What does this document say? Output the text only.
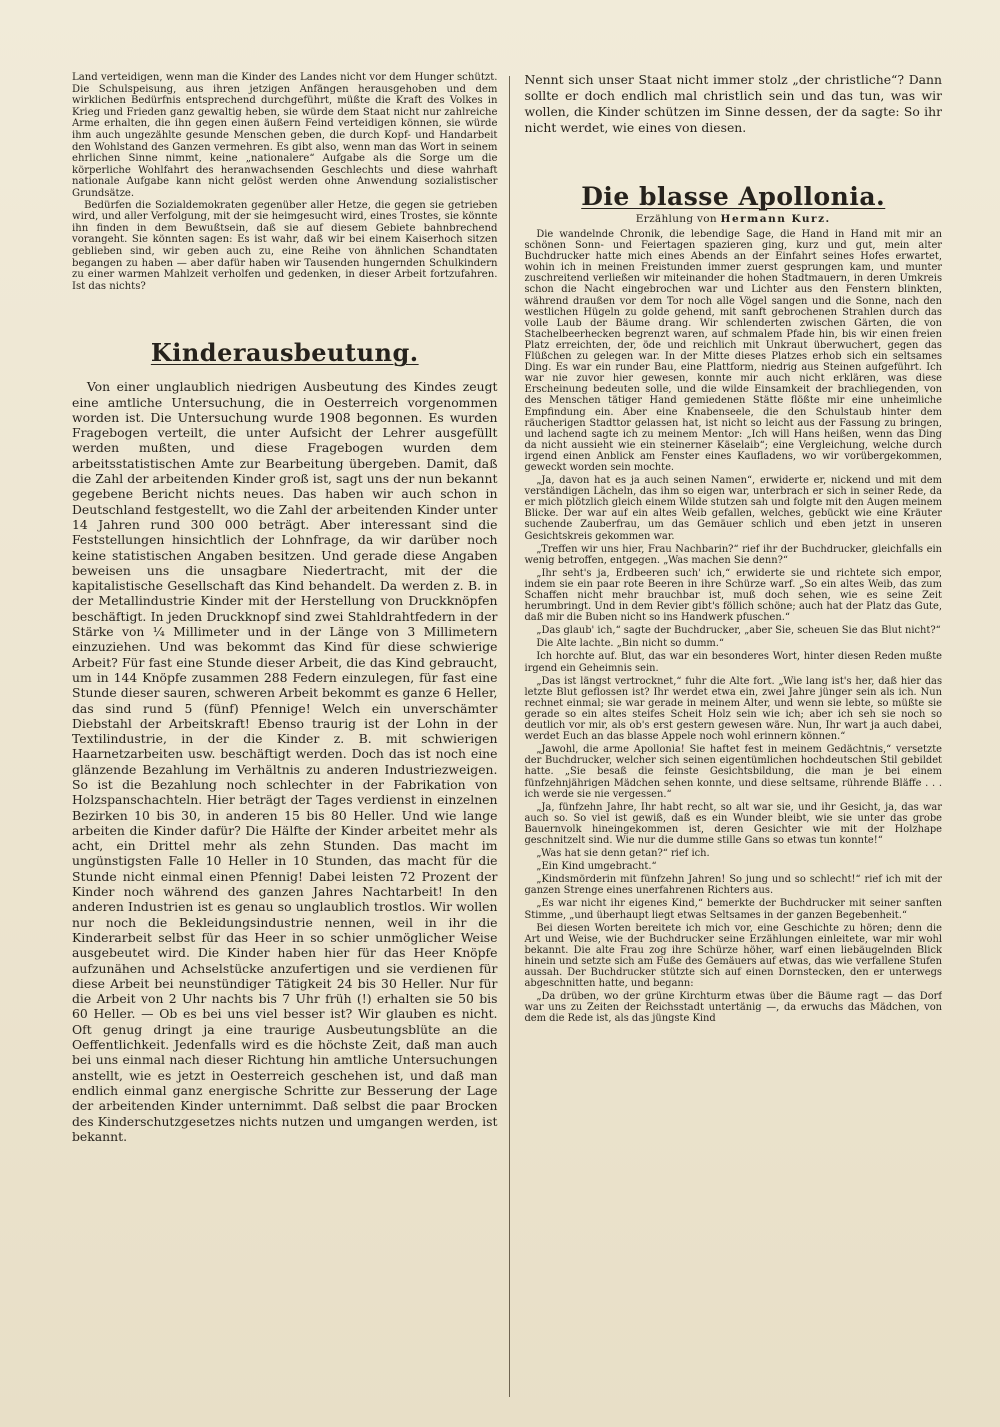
Land verteidigen, wenn man die Kinder des Landes nicht vor dem Hunger schützt. Die Schulspeisung, aus ihren jetzigen Anfängen herausgehoben und dem wirklichen Bedürfnis entsprechend durchgeführt, müßte die Kraft des Volkes in Krieg und Frieden ganz gewaltig heben, sie würde dem Staat nicht nur zahlreiche Arme erhalten, die ihn gegen einen äußern Feind verteidigen können, sie würde ihm auch ungezählte gesunde Menschen geben, die durch Kopf- und Handarbeit den Wohlstand des Ganzen vermehren. Es gibt also, wenn man das Wort in seinem ehrlichen Sinne nimmt, keine „nationalere“ Aufgabe als die Sorge um die körperliche Wohlfahrt des heranwachsenden Geschlechts und diese wahrhaft nationale Aufgabe kann nicht gelöst werden ohne Anwendung sozialistischer Grundsätze.

Bedürfen die Sozialdemokraten gegenüber aller Hetze, die gegen sie getrieben wird, und aller Verfolgung, mit der sie heimgesucht wird, eines Trostes, sie könnte ihn finden in dem Bewußtsein, daß sie auf diesem Gebiete bahnbrechend vorangeht. Sie könnten sagen: Es ist wahr, daß wir bei einem Kaiserhoch sitzen geblieben sind, wir geben auch zu, eine Reihe von ähnlichen Schandtaten begangen zu haben — aber dafür haben wir Tausenden hungernden Schulkindern zu einer warmen Mahlzeit verholfen und gedenken, in dieser Arbeit fortzufahren. Ist das nichts?

Kinderausbeutung.

Von einer unglaublich niedrigen Ausbeutung des Kindes zeugt eine amtliche Untersuchung, die in Oesterreich vorgenommen worden ist. Die Untersuchung wurde 1908 begonnen. Es wurden Fragebogen verteilt, die unter Aufsicht der Lehrer ausgefüllt werden mußten, und diese Fragebogen wurden dem arbeitsstatistischen Amte zur Bearbeitung übergeben. Damit, daß die Zahl der arbeitenden Kinder groß ist, sagt uns der nun bekannt gegebene Bericht nichts neues. Das haben wir auch schon in Deutschland festgestellt, wo die Zahl der arbeitenden Kinder unter 14 Jahren rund 300 000 beträgt. Aber interessant sind die Feststellungen hinsichtlich der Lohnfrage, da wir darüber noch keine statistischen Angaben besitzen. Und gerade diese Angaben beweisen uns die unsagbare Niedertracht, mit der die kapitalistische Gesellschaft das Kind behandelt. Da werden z. B. in der Metallindustrie Kinder mit der Herstellung von Druckknöpfen beschäftigt. In jeden Druckknopf sind zwei Stahldrahtfedern in der Stärke von ¼ Millimeter und in der Länge von 3 Millimetern einzuziehen. Und was bekommt das Kind für diese schwierige Arbeit? Für fast eine Stunde dieser Arbeit, die das Kind gebraucht, um in 144 Knöpfe zusammen 288 Federn einzulegen, für fast eine Stunde dieser sauren, schweren Arbeit bekommt es ganze 6 Heller, das sind rund 5 (fünf) Pfennige! Welch ein unverschämter Diebstahl der Arbeitskraft! Ebenso traurig ist der Lohn in der Textilindustrie, in der die Kinder z. B. mit schwierigen Haarnetzarbeiten usw. beschäftigt werden. Doch das ist noch eine glänzende Bezahlung im Verhältnis zu anderen Industriezweigen. So ist die Bezahlung noch schlechter in der Fabrikation von Holzspanschachteln. Hier beträgt der Tages verdienst in einzelnen Bezirken 10 bis 30, in anderen 15 bis 80 Heller. Und wie lange arbeiten die Kinder dafür? Die Hälfte der Kinder arbeitet mehr als acht, ein Drittel mehr als zehn Stunden. Das macht im ungünstigsten Falle 10 Heller in 10 Stunden, das macht für die Stunde nicht einmal einen Pfennig! Dabei leisten 72 Prozent der Kinder noch während des ganzen Jahres Nachtarbeit! In den anderen Industrien ist es genau so unglaublich trostlos. Wir wollen nur noch die Bekleidungsindustrie nennen, weil in ihr die Kinderarbeit selbst für das Heer in so schier unmöglicher Weise ausgebeutet wird. Die Kinder haben hier für das Heer Knöpfe aufzunähen und Achselstücke anzufertigen und sie verdienen für diese Arbeit bei neunstündiger Tätigkeit 24 bis 30 Heller. Nur für die Arbeit von 2 Uhr nachts bis 7 Uhr früh (!) erhalten sie 50 bis 60 Heller. — Ob es bei uns viel besser ist? Wir glauben es nicht. Oft genug dringt ja eine traurige Ausbeutungsblüte an die Oeffentlichkeit. Jedenfalls wird es die höchste Zeit, daß man auch bei uns einmal nach dieser Richtung hin amtliche Untersuchungen anstellt, wie es jetzt in Oesterreich geschehen ist, und daß man endlich einmal ganz energische Schritte zur Besserung der Lage der arbeitenden Kinder unternimmt. Daß selbst die paar Brocken des Kinderschutzgesetzes nichts nutzen und umgangen werden, ist bekannt.

Nennt sich unser Staat nicht immer stolz „der christliche“? Dann sollte er doch endlich mal christlich sein und das tun, was wir wollen, die Kinder schützen im Sinne dessen, der da sagte: So ihr nicht werdet, wie eines von diesen.

Die blasse Apollonia.
Erzählung von Hermann Kurz.

Die wandelnde Chronik, die lebendige Sage, die Hand in Hand mit mir an schönen Sonn- und Feiertagen spazieren ging, kurz und gut, mein alter Buchdrucker hatte mich eines Abends an der Einfahrt seines Hofes erwartet, wohin ich in meinen Freistunden immer zuerst gesprungen kam, und munter zuschreitend verließen wir miteinander die hohen Stadtmauern, in deren Umkreis schon die Nacht eingebrochen war und Lichter aus den Fenstern blinkten, während draußen vor dem Tor noch alle Vögel sangen und die Sonne, nach den westlichen Hügeln zu golde gehend, mit sanft gebrochenen Strahlen durch das volle Laub der Bäume drang. Wir schlenderten zwischen Gärten, die von Stachelbeerhecken begrenzt waren, auf schmalem Pfade hin, bis wir einen freien Platz erreichten, der, öde und reichlich mit Unkraut überwuchert, gegen das Flüßchen zu gelegen war. In der Mitte dieses Platzes erhob sich ein seltsames Ding. Es war ein runder Bau, eine Plattform, niedrig aus Steinen aufgeführt. Ich war nie zuvor hier gewesen, konnte mir auch nicht erklären, was diese Erscheinung bedeuten solle, und die wilde Einsamkeit der brachliegenden, von des Menschen tätiger Hand gemiedenen Stätte flößte mir eine unheimliche Empfindung ein. Aber eine Knabenseele, die den Schulstaub hinter dem räucherigen Stadttor gelassen hat, ist nicht so leicht aus der Fassung zu bringen, und lachend sagte ich zu meinem Mentor: „Ich will Hans heißen, wenn das Ding da nicht aussieht wie ein steinerner Käselaib“; eine Vergleichung, welche durch irgend einen Anblick am Fenster eines Kaufladens, wo wir vorübergekommen, geweckt worden sein mochte.

„Ja, davon hat es ja auch seinen Namen“, erwiderte er, nickend und mit dem verständigen Lächeln, das ihm so eigen war, unterbrach er sich in seiner Rede, da er mich plötzlich gleich einem Wilde stutzen sah und folgte mit den Augen meinem Blicke. Der war auf ein altes Weib gefallen, welches, gebückt wie eine Kräuter suchende Zauberfrau, um das Gemäuer schlich und eben jetzt in unseren Gesichtskreis gekommen war.

„Treffen wir uns hier, Frau Nachbarin?“ rief ihr der Buchdrucker, gleichfalls ein wenig betroffen, entgegen. „Was machen Sie denn?“

„Ihr seht's ja, Erdbeeren such' ich,“ erwiderte sie und richtete sich empor, indem sie ein paar rote Beeren in ihre Schürze warf. „So ein altes Weib, das zum Schaffen nicht mehr brauchbar ist, muß doch sehen, wie es seine Zeit herumbringt. Und in dem Revier gibt's föllich schöne; auch hat der Platz das Gute, daß mir die Buben nicht so ins Handwerk pfuschen.“

„Das glaub' ich,“ sagte der Buchdrucker, „aber Sie, scheuen Sie das Blut nicht?“

Die Alte lachte. „Bin nicht so dumm.“

Ich horchte auf. Blut, das war ein besonderes Wort, hinter diesen Reden mußte irgend ein Geheimnis sein.

„Das ist längst vertrocknet,“ fuhr die Alte fort. „Wie lang ist's her, daß hier das letzte Blut geflossen ist? Ihr werdet etwa ein, zwei Jahre jünger sein als ich. Nun rechnet einmal; sie war gerade in meinem Alter, und wenn sie lebte, so müßte sie gerade so ein altes steifes Scheit Holz sein wie ich; aber ich seh sie noch so deutlich vor mir, als ob's erst gestern gewesen wäre. Nun, Ihr wart ja auch dabei, werdet Euch an das blasse Appele noch wohl erinnern können.“

„Jawohl, die arme Apollonia! Sie haftet fest in meinem Gedächtnis,“ versetzte der Buchdrucker, welcher sich seinen eigentümlichen hochdeutschen Stil gebildet hatte. „Sie besaß die feinste Gesichtsbildung, die man je bei einem fünfzehnjährigen Mädchen sehen konnte, und diese seltsame, rührende Bläffe . . . ich werde sie nie vergessen.“

„Ja, fünfzehn Jahre, Ihr habt recht, so alt war sie, und ihr Gesicht, ja, das war auch so. So viel ist gewiß, daß es ein Wunder bleibt, wie sie unter das grobe Bauernvolk hineingekommen ist, deren Gesichter wie mit der Holzhape geschnitzelt sind. Wie nur die dumme stille Gans so etwas tun konnte!“

„Was hat sie denn getan?“ rief ich.

„Ein Kind umgebracht.“

„Kindsmörderin mit fünfzehn Jahren! So jung und so schlecht!“ rief ich mit der ganzen Strenge eines unerfahrenen Richters aus.

„Es war nicht ihr eigenes Kind,“ bemerkte der Buchdrucker mit seiner sanften Stimme, „und überhaupt liegt etwas Seltsames in der ganzen Begebenheit.“

Bei diesen Worten bereitete ich mich vor, eine Geschichte zu hören; denn die Art und Weise, wie der Buchdrucker seine Erzählungen einleitete, war mir wohl bekannt. Die alte Frau zog ihre Schürze höher, warf einen liebäugelnden Blick hinein und setzte sich am Fuße des Gemäuers auf etwas, das wie verfallene Stufen aussah. Der Buchdrucker stützte sich auf einen Dornstecken, den er unterwegs abgeschnitten hatte, und begann:

„Da drüben, wo der grüne Kirchturm etwas über die Bäume ragt — das Dorf war uns zu Zeiten der Reichsstadt untertänig —, da erwuchs das Mädchen, von dem die Rede ist, als das jüngste Kind
